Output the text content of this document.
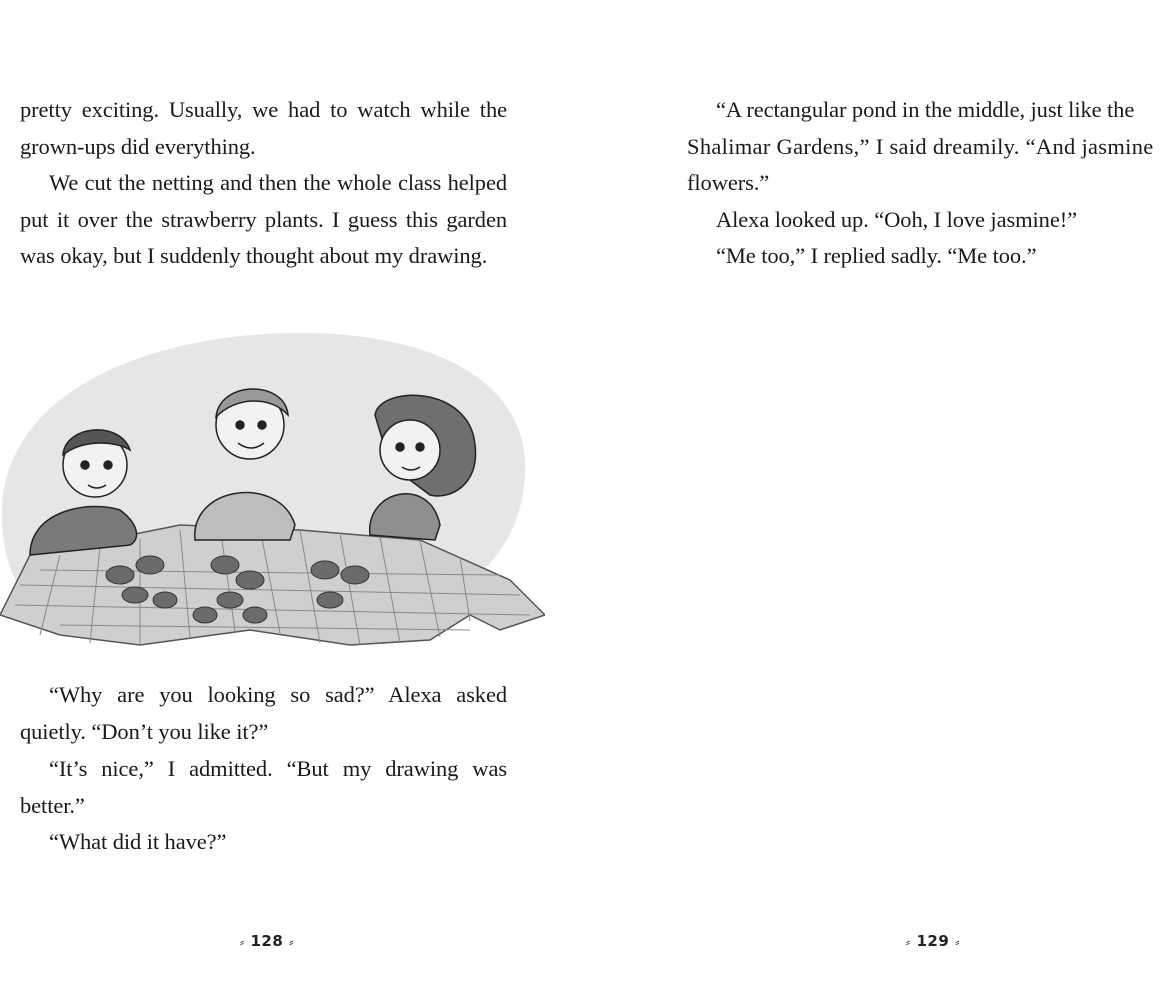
pretty exciting. Usually, we had to watch while the grown-ups did everything.

We cut the netting and then the whole class helped put it over the strawberry plants. I guess this garden was okay, but I suddenly thought about my drawing.

“Why are you looking so sad?” Alexa asked quietly. “Don’t you like it?”

“It’s nice,” I admitted. “But my drawing was better.”

“What did it have?”

⸗ 128 ⸗
“A rectangular pond in the middle, just like the
Shalimar Gardens,” I said dreamily. “And jasmine
flowers.”
Alexa looked up. “Ooh, I love jasmine!”
“Me too,” I replied sadly. “Me too.”
⸗ 129 ⸗
